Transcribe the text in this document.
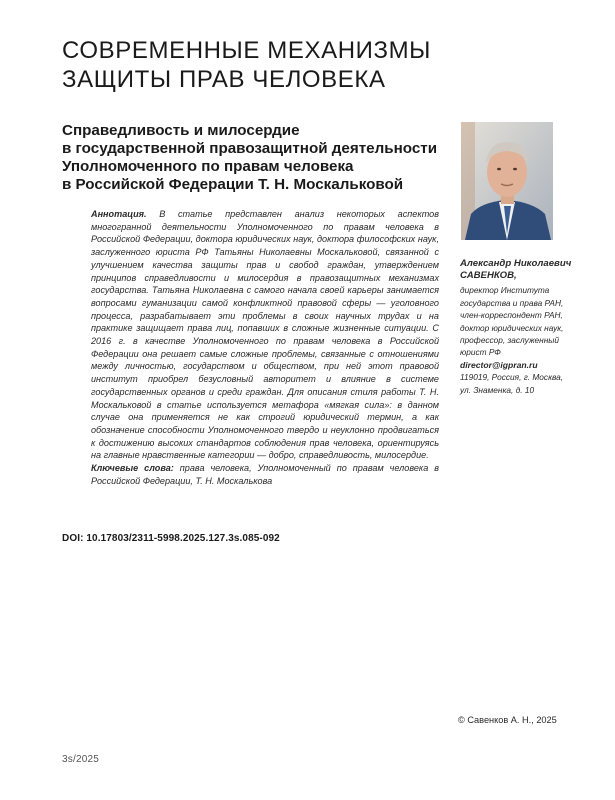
СОВРЕМЕННЫЕ МЕХАНИЗМЫ
ЗАЩИТЫ ПРАВ ЧЕЛОВЕКА
Справедливость и милосердие
в государственной правозащитной деятельности
Уполномоченного по правам человека
в Российской Федерации Т. Н. Москальковой

Аннотация. В статье представлен анализ некоторых аспектов многогранной деятельности Уполномоченного по правам человека в Российской Федерации, доктора юридических наук, доктора философских наук, заслуженного юриста РФ Татьяны Николаевны Москальковой, связанной с улучшением качества защиты прав и свобод граждан, утверждением принципов справедливости и милосердия в правозащитных механизмах государства. Татьяна Николаевна с самого начала своей карьеры занимается вопросами гуманизации самой конфликтной правовой сферы — уголовного процесса, разрабатывает эти проблемы в своих научных трудах и на практике защищает права лиц, попавших в сложные жизненные ситуации. С 2016 г. в качестве Уполномоченного по правам человека в Российской Федерации она решает самые сложные проблемы, связанные с отношениями между личностью, государством и обществом, при ней этот правовой институт приобрел безусловный авторитет и влияние в системе государственных органов и среди граждан. Для описания стиля работы Т. Н. Москальковой в статье используется метафора «мягкая сила»: в данном случае она применяется не как строгий юридический термин, а как обозначение способности Уполномоченного твердо и неуклонно продвигаться к достижению высоких стандартов соблюдения прав человека, ориентируясь на главные нравственные категории — добро, справедливость, милосердие.

Ключевые слова: права человека, Уполномоченный по правам человека в Российской Федерации, Т. Н. Москалькова

DOI: 10.17803/2311-5998.2025.127.3s.085-092
Александр Николаевич
САВЕНКОВ,
директор Института
государства и права РАН,
член-корреспондент РАН,
доктор юридических наук,
профессор, заслуженный
юрист РФ
director@igpran.ru
119019, Россия, г. Москва,
ул. Знаменка, д. 10
© Савенков А. Н., 2025
3s/2025
